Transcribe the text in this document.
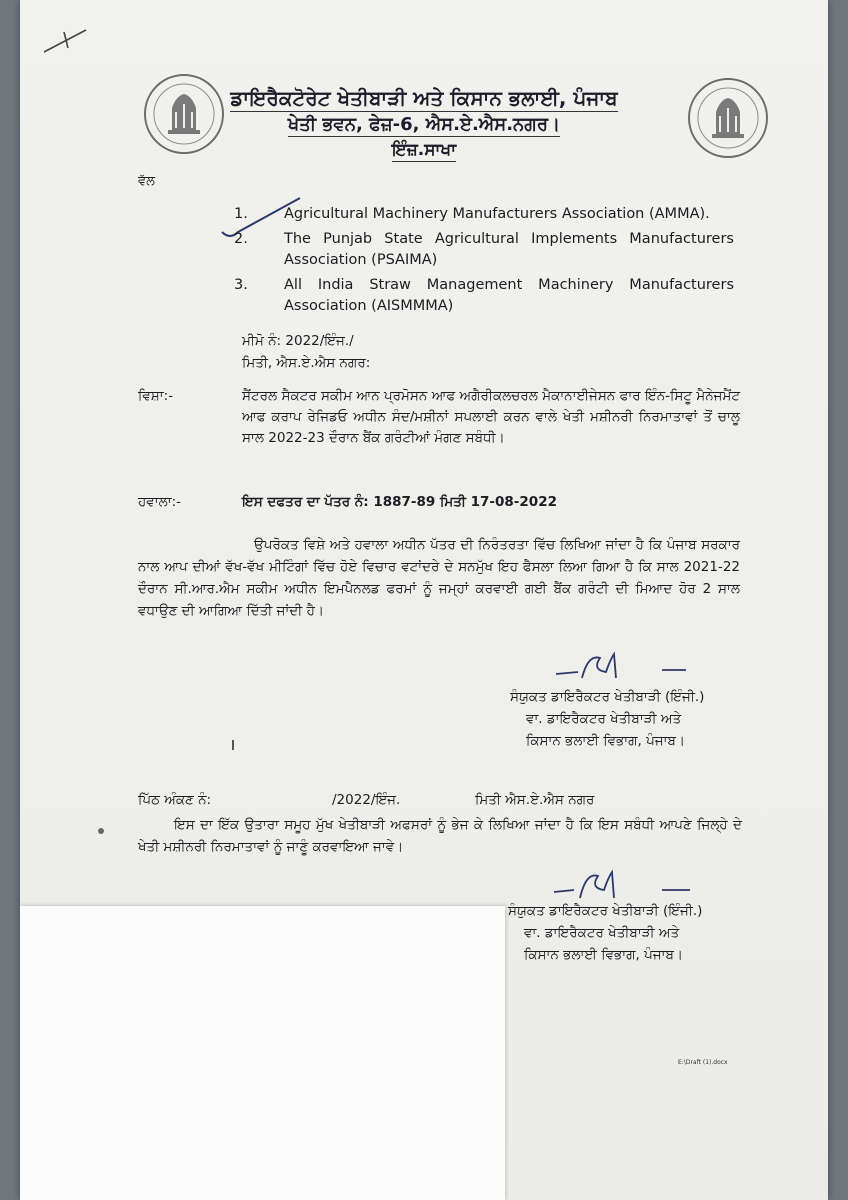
ਡਾਇਰੈਕਟੋਰੇਟ ਖੇਤੀਬਾੜੀ ਅਤੇ ਕਿਸਾਨ ਭਲਾਈ, ਪੰਜਾਬ
ਖੇਤੀ ਭਵਨ, ਫੇਜ਼-6, ਐਸ.ਏ.ਐਸ.ਨਗਰ।
ਇੰਜ਼.ਸਾਖਾ
ਵੱਲ
1.	Agricultural Machinery Manufacturers Association (AMMA).
2.	The Punjab State Agricultural Implements Manufacturers Association (PSAIMA)
3.	All India Straw Management Machinery Manufacturers Association (AISMMMA)
ਮੀਮੋ ਨੰ: 2022/ਇੰਜ./
ਮਿਤੀ, ਐਸ.ਏ.ਐਸ ਨਗਰ:
ਵਿਸ਼ਾ:-	ਸੈਂਟਰਲ ਸੈਕਟਰ ਸਕੀਮ ਆਨ ਪ੍ਰਮੋਸਨ ਆਫ ਅਗੈਰੀਕਲਚਰਲ ਮੈਕਾਨਾਈਜੇਸਨ ਫਾਰ ਇੰਨ-ਸਿਟੂ ਮੈਨੇਜਮੈਂਟ ਆਫ ਕਰਾਪ ਰੇਜਿਡਓ ਅਧੀਨ ਸੰਦ/ਮਸ਼ੀਨਾਂ ਸਪਲਾਈ ਕਰਨ ਵਾਲੇ ਖੇਤੀ ਮਸ਼ੀਨਰੀ ਨਿਰਮਾਤਾਵਾਂ ਤੋਂ ਚਾਲੂ ਸਾਲ 2022-23 ਦੌਰਾਨ ਬੈਂਕ ਗਰੰਟੀਆਂ ਮੰਗਣ ਸਬੰਧੀ।
ਹਵਾਲਾ:-	ਇਸ ਦਫਤਰ ਦਾ ਪੱਤਰ ਨੰ: 1887-89 ਮਿਤੀ 17-08-2022
ਉਪਰੋਕਤ ਵਿਸ਼ੇ ਅਤੇ ਹਵਾਲਾ ਅਧੀਨ ਪੱਤਰ ਦੀ ਨਿਰੰਤਰਤਾ ਵਿੱਚ ਲਿਖਿਆ ਜਾਂਦਾ ਹੈ ਕਿ ਪੰਜਾਬ ਸਰਕਾਰ ਨਾਲ ਆਪ ਦੀਆਂ ਵੱਖ-ਵੱਖ ਮੀਟਿੰਗਾਂ ਵਿੱਚ ਹੋਏ ਵਿਚਾਰ ਵਟਾਂਦਰੇ ਦੇ ਸਨਮੁੱਖ ਇਹ ਫੈਸਲਾ ਲਿਆ ਗਿਆ ਹੈ ਕਿ ਸਾਲ 2021-22 ਦੌਰਾਨ ਸੀ.ਆਰ.ਐਮ ਸਕੀਮ ਅਧੀਨ ਇਮਪੈਨਲਡ ਫਰਮਾਂ ਨੂੰ ਜਮ੍ਹਾਂ ਕਰਵਾਈ ਗਈ ਬੈਂਕ ਗਰੰਟੀ ਦੀ ਮਿਆਦ ਹੋਰ 2 ਸਾਲ ਵਧਾਉਣ ਦੀ ਆਗਿਆ ਦਿੱਤੀ ਜਾਂਦੀ ਹੈ।
ਸੰਯੁਕਤ ਡਾਇਰੈਕਟਰ ਖੇਤੀਬਾੜੀ (ਇੰਜੀ.)
ਵਾ. ਡਾਇਰੈਕਟਰ ਖੇਤੀਬਾੜੀ ਅਤੇ
ਕਿਸਾਨ ਭਲਾਈ ਵਿਭਾਗ, ਪੰਜਾਬ।
ਪਿੱਠ ਅੰਕਣ ਨੰ:	/2022/ਇੰਜ.	ਮਿਤੀ ਐਸ.ਏ.ਐਸ ਨਗਰ
ਇਸ ਦਾ ਇੱਕ ਉਤਾਰਾ ਸਮੂਹ ਮੁੱਖ ਖੇਤੀਬਾੜੀ ਅਫਸਰਾਂ ਨੂੰ ਭੇਜ ਕੇ ਲਿਖਿਆ ਜਾਂਦਾ ਹੈ ਕਿ ਇਸ ਸਬੰਧੀ ਆਪਣੇ ਜਿਲ੍ਹੇ ਦੇ ਖੇਤੀ ਮਸ਼ੀਨਰੀ ਨਿਰਮਾਤਾਵਾਂ ਨੂੰ ਜਾਣੂੰ ਕਰਵਾਇਆ ਜਾਵੇ।
ਸੰਯੁਕਤ ਡਾਇਰੈਕਟਰ ਖੇਤੀਬਾੜੀ (ਇੰਜੀ.)
ਵਾ. ਡਾਇਰੈਕਟਰ ਖੇਤੀਬਾੜੀ ਅਤੇ
ਕਿਸਾਨ ਭਲਾਈ ਵਿਭਾਗ, ਪੰਜਾਬ।
E:\Draft (1).docx
